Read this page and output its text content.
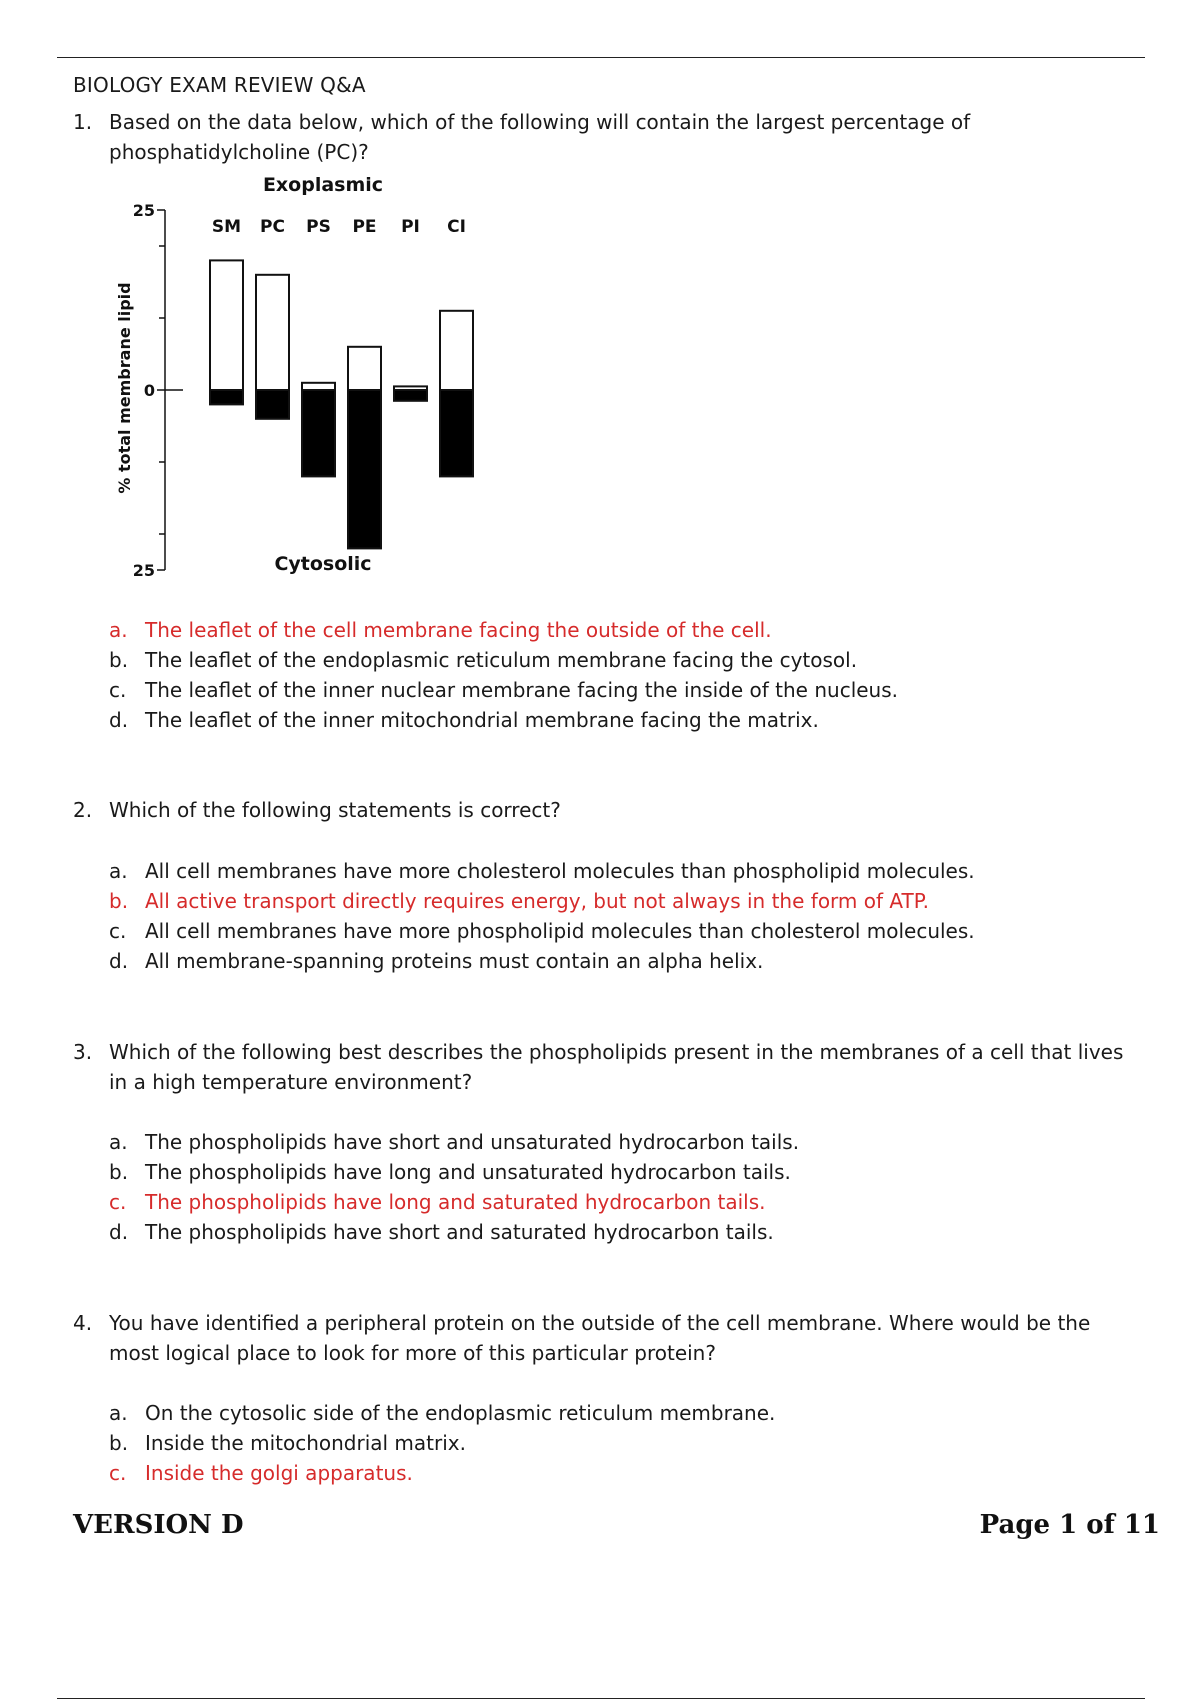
BIOLOGY EXAM REVIEW Q&A
1. Based on the data below, which of the following will contain the largest percentage of phosphatidylcholine (PC)?
Exoplasmic
Cytosolic
% total membrane lipid
25
0
25
SM PC PS PE PI CI
a. The leaflet of the cell membrane facing the outside of the cell.
b. The leaflet of the endoplasmic reticulum membrane facing the cytosol.
c. The leaflet of the inner nuclear membrane facing the inside of the nucleus.
d. The leaflet of the inner mitochondrial membrane facing the matrix.
2. Which of the following statements is correct?
a. All cell membranes have more cholesterol molecules than phospholipid molecules.
b. All active transport directly requires energy, but not always in the form of ATP.
c. All cell membranes have more phospholipid molecules than cholesterol molecules.
d. All membrane-spanning proteins must contain an alpha helix.
3. Which of the following best describes the phospholipids present in the membranes of a cell that lives in a high temperature environment?
a. The phospholipids have short and unsaturated hydrocarbon tails.
b. The phospholipids have long and unsaturated hydrocarbon tails.
c. The phospholipids have long and saturated hydrocarbon tails.
d. The phospholipids have short and saturated hydrocarbon tails.
4. You have identified a peripheral protein on the outside of the cell membrane. Where would be the most logical place to look for more of this particular protein?
a. On the cytosolic side of the endoplasmic reticulum membrane.
b. Inside the mitochondrial matrix.
c. Inside the golgi apparatus.
VERSION D	Page 1 of 11
